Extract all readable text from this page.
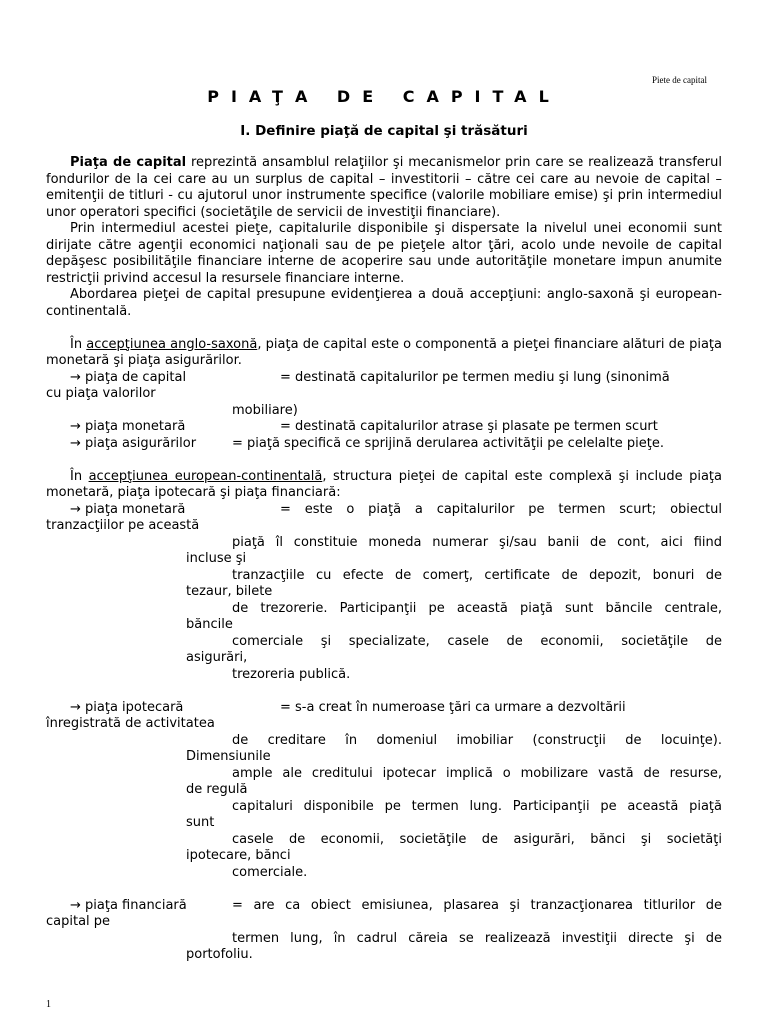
Piete de capital
PIAŢA DE CAPITAL
I. Definire piaţă de capital şi trăsături

Piaţa de capital reprezintă ansamblul relaţiilor şi mecanismelor prin care se realizează transferul fondurilor de la cei care au un surplus de capital – investitorii – către cei care au nevoie de capital – emitenţii de titluri - cu ajutorul unor instrumente specifice (valorile mobiliare emise) şi prin intermediul unor operatori specifici (societăţile de servicii de investiţii financiare).

Prin intermediul acestei pieţe, capitalurile disponibile şi dispersate la nivelul unei economii sunt dirijate către agenţii economici naţionali sau de pe pieţele altor ţări, acolo unde nevoile de capital depăşesc posibilităţile financiare interne de acoperire sau unde autorităţile monetare impun anumite restricţii privind accesul la resursele financiare interne.

Abordarea pieţei de capital presupune evidenţierea a două accepţiuni: anglo-saxonă şi european-continentală.

În accepţiunea anglo-saxonă, piaţa de capital este o componentă a pieţei financiare alături de piaţa monetară şi piaţa asigurărilor.

→ piaţa de capital	= destinată capitalurilor pe termen mediu şi lung (sinonimă
cu piaţa valorilor
mobiliare)
→ piaţa monetară	= destinată capitalurilor atrase şi plasate pe termen scurt
→ piaţa asigurărilor	= piaţă specifică ce sprijină derularea activităţii pe celelalte pieţe.

În accepţiunea european-continentală, structura pieţei de capital este complexă şi include piaţa monetară, piaţa ipotecară şi piaţa financiară:

→ piaţa monetară	= este o piaţă a capitalurilor pe termen scurt; obiectul
tranzacţiilor pe această
piaţă îl constituie moneda numerar şi/sau banii de cont, aici fiind
incluse şi
tranzacţiile cu efecte de comerţ, certificate de depozit, bonuri de
tezaur, bilete
de trezorerie. Participanţii pe această piaţă sunt băncile centrale,
băncile
comerciale şi specializate, casele de economii, societăţile de
asigurări,
trezoreria publică.
→ piaţa ipotecară	= s-a creat în numeroase ţări ca urmare a dezvoltării
înregistrată de activitatea
de creditare în domeniul imobiliar (construcţii de locuinţe).
Dimensiunile
ample ale creditului ipotecar implică o mobilizare vastă de resurse,
de regulă
capitaluri disponibile pe termen lung. Participanţii pe această piaţă
sunt
casele de economii, societăţile de asigurări, bănci şi societăţi
ipotecare, bănci
comerciale.
→ piaţa financiară	= are ca obiect emisiunea, plasarea şi tranzacţionarea titlurilor de
capital pe
termen lung, în cadrul căreia se realizează investiţii directe şi de
portofoliu.
1
